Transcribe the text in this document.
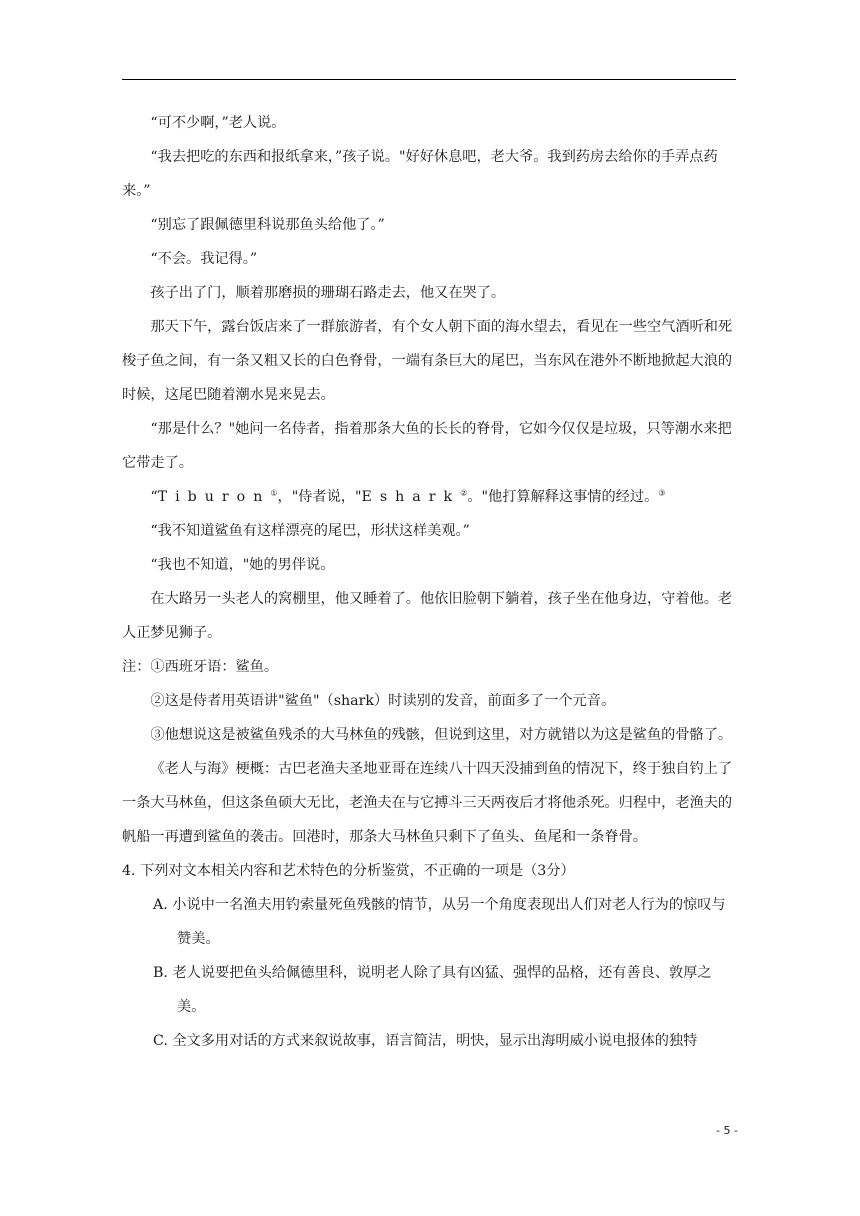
“可不少啊，”老人说。

“我去把吃的东西和报纸拿来，”孩子说。"好好休息吧，老大爷。我到药房去给你的手弄点药来。”

“别忘了跟佩德里科说那鱼头给他了。”

“不会。我记得。”

孩子出了门，顺着那磨损的珊瑚石路走去，他又在哭了。

那天下午，露台饭店来了一群旅游者，有个女人朝下面的海水望去，看见在一些空气酒听和死梭子鱼之间，有一条又粗又长的白色脊骨，一端有条巨大的尾巴，当东风在港外不断地掀起大浪的时候，这尾巴随着潮水晃来晃去。

“那是什么？"她问一名侍者，指着那条大鱼的长长的脊骨，它如今仅仅是垃圾，只等潮水来把它带走了。

“Tiburon①，"侍者说，"Eshark②。"他打算解释这事情的经过。③

“我不知道鲨鱼有这样漂亮的尾巴，形状这样美观。”

“我也不知道，"她的男伴说。

在大路另一头老人的窝棚里，他又睡着了。他依旧脸朝下躺着，孩子坐在他身边，守着他。老人正梦见狮子。

注：①西班牙语：鲨鱼。

②这是侍者用英语讲"鲨鱼"（shark）时读别的发音，前面多了一个元音。

③他想说这是被鲨鱼残杀的大马林鱼的残骸，但说到这里，对方就错以为这是鲨鱼的骨骼了。

《老人与海》梗概：古巴老渔夫圣地亚哥在连续八十四天没捕到鱼的情况下，终于独自钓上了一条大马林鱼，但这条鱼硕大无比，老渔夫在与它搏斗三天两夜后才将他杀死。归程中，老渔夫的帆船一再遭到鲨鱼的袭击。回港时，那条大马林鱼只剩下了鱼头、鱼尾和一条脊骨。

4. 下列对文本相关内容和艺术特色的分析鉴赏，不正确的一项是（3分）

A. 小说中一名渔夫用钓索量死鱼残骸的情节，从另一个角度表现出人们对老人行为的惊叹与赞美。

B. 老人说要把鱼头给佩德里科，说明老人除了具有凶猛、强悍的品格，还有善良、敦厚之美。

C. 全文多用对话的方式来叙说故事，语言简洁，明快，显示出海明威小说电报体的独特

- 5 -
